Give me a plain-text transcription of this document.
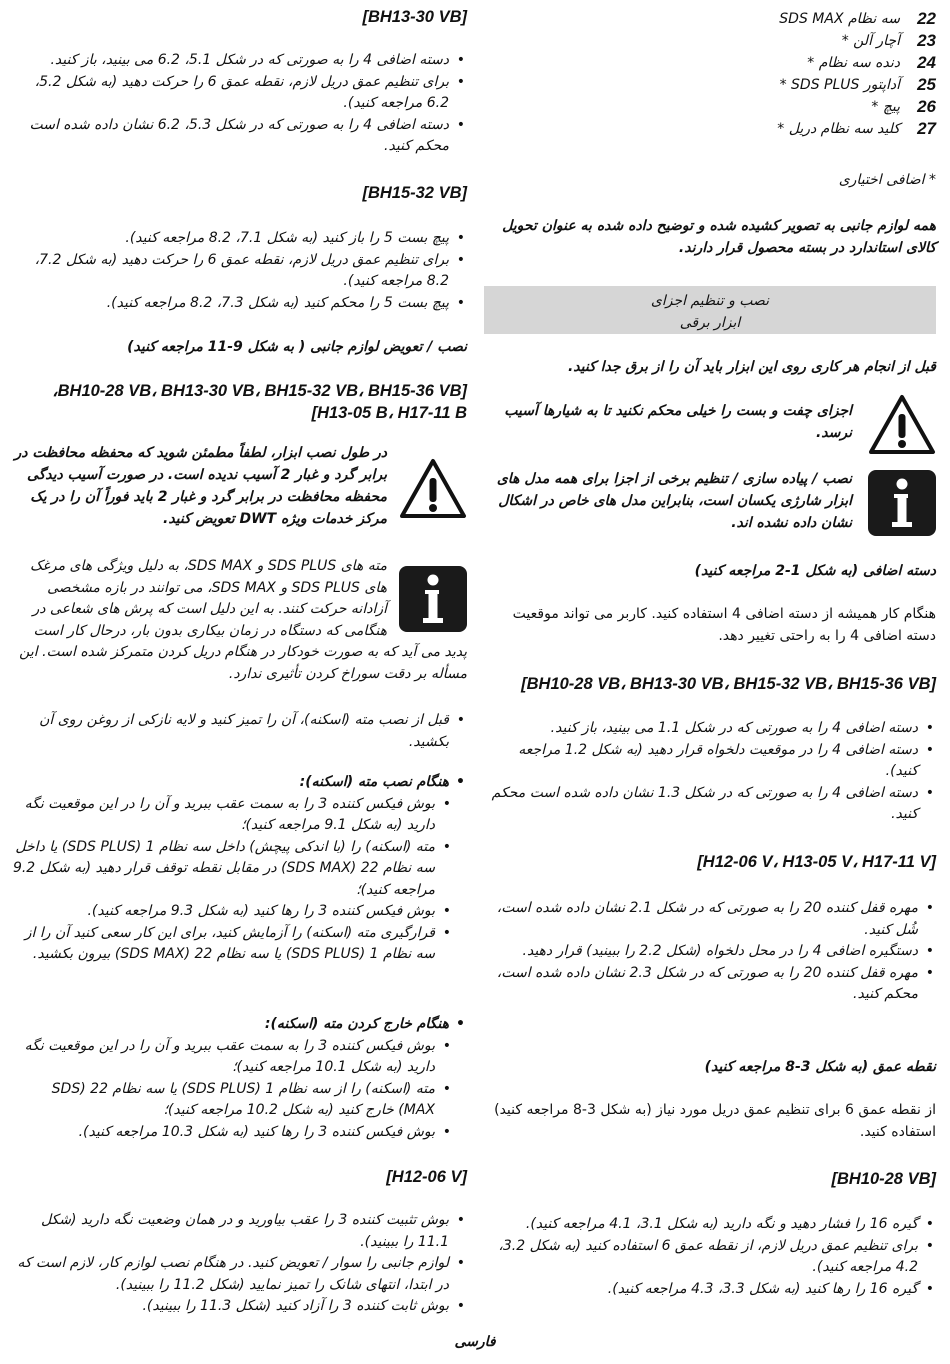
22
سه نظام SDS MAX
23
آچار آلن *
24
دنده سه نظام *
25
آداپتور SDS PLUS *
26
پیچ *
27
کلید سه نظام دریل *
* اضافی اختیاری
همه لوازم جانبی به تصویر کشیده شده و توضیح داده شده به عنوان تحویل کالای استاندارد در بسته محصول قرار دارند.
نصب و تنظیم اجزای
ابزار برقی
قبل از انجام هر کاری روی این ابزار باید آن را از برق جدا کنید.
اجزای چفت و بست را خیلی محکم نکنید تا به شیارها آسیب نرسد.
نصب / پیاده سازی / تنظیم برخی از اجزا برای همه مدل های ابزار شارژی یکسان است، بنابراین مدل های خاص در اشکال نشان داده نشده اند.
دسته اضافی (به شکل 1-2 مراجعه کنید)
هنگام کار همیشه از دسته اضافی 4 استفاده کنید. کاربر می تواند موقعیت دسته اضافی 4 را به راحتی تغییر دهد.
[BH10-28 VB، BH13-30 VB، BH15-32 VB، BH15-36 VB]
• دسته اضافی 4 را به صورتی که در شکل 1.1 می بینید، باز کنید.
• دسته اضافی 4 را در موقعیت دلخواه قرار دهید (به شکل 1.2 مراجعه کنید).
• دسته اضافی 4 را به صورتی که در شکل 1.3 نشان داده شده است محکم کنید.
[H12-06 V، H13-05 V، H17-11 V]
• مهره قفل کننده 20 را به صورتی که در شکل 2.1 نشان داده شده است، شُل کنید.
• دستگیره اضافی 4 را در محل دلخواه (شکل 2.2 را ببینید) قرار دهید.
• مهره قفل کننده 20 را به صورتی که در شکل 2.3 نشان داده شده است، محکم کنید.
نقطه عمق (به شکل 3-8 مراجعه کنید)
از نقطه عمق 6 برای تنظیم عمق دریل مورد نیاز (به شکل 3-8 مراجعه کنید) استفاده کنید.
[BH10-28 VB]
• گیره 16 را فشار دهید و نگه دارید (به شکل 3.1، 4.1 مراجعه کنید).
• برای تنظیم عمق دریل لازم، از نقطه عمق 6 استفاده کنید (به شکل 3.2، 4.2 مراجعه کنید).
• گیره 16 را رها کنید (به شکل 3.3، 4.3 مراجعه کنید).
[BH13-30 VB]
• دسته اضافی 4 را به صورتی که در شکل 5.1، 6.2 می بینید، باز کنید.
• برای تنظیم عمق دریل لازم، نقطه عمق 6 را حرکت دهید (به شکل 5.2، 6.2 مراجعه کنید).
• دسته اضافی 4 را به صورتی که در شکل 5.3، 6.2 نشان داده شده است محکم کنید.
[BH15-32 VB]
• پیچ بست 5 را باز کنید (به شکل 7.1، 8.2 مراجعه کنید).
• برای تنظیم عمق دریل لازم، نقطه عمق 6 را حرکت دهید (به شکل 7.2، 8.2 مراجعه کنید).
• پیچ بست 5 را محکم کنید (به شکل 7.3، 8.2 مراجعه کنید).
نصب / تعویض لوازم جانبی ( به شکل 9-11 مراجعه کنید)
[BH10-28 VB، BH13-30 VB، BH15-32 VB، BH15-36 VB،
H13-05 B، H17-11 B]
در طول نصب ابزار، لطفاً مطمئن شوید که محفظه محافظت در برابر گرد و غبار 2 آسیب ندیده است. در صورت آسیب دیدگی محفظه محافظت در برابر گرد و غبار 2 باید فوراً آن را در یک مرکز خدمات ویژه DWT تعویض کنید.
مته های SDS PLUS و SDS MAX، به دلیل ویژگی های مرغک های SDS PLUS و SDS MAX، می توانند در بازه مشخصی آزادانه حرکت کنند. به این دلیل است که پرش های شعاعی در هنگامی که دستگاه در زمان بیکاری بدون بار، درحال کار است پدید می آید که به صورت خودکار در هنگام دریل کردن متمرکز شده است. این مسأله بر دقت سوراخ کردن تأثیری ندارد.
• قبل از نصب مته (اسکنه)، آن را تمیز کنید و لایه نازکی از روغن روی آن بکشید.
• هنگام نصب مته (اسکنه):
• بوش فیکس کننده 3 را به سمت عقب ببرید و آن را در این موقعیت نگه دارید (به شکل 9.1 مراجعه کنید)؛
• مته (اسکنه) را (با اندکی پیچش) داخل سه نظام 1 (SDS PLUS) یا داخل سه نظام 22 (SDS MAX) در مقابل نقطه توقف قرار دهید (به شکل 9.2 مراجعه کنید)؛
• بوش فیکس کننده 3 را رها کنید (به شکل 9.3 مراجعه کنید).
• قرارگیری مته (اسکنه) را آزمایش کنید، برای این کار سعی کنید آن را از سه نظام 1 (SDS PLUS) یا سه نظام 22 (SDS MAX) بیرون بکشید.
• هنگام خارج کردن مته (اسکنه):
• بوش فیکس کننده 3 را به سمت عقب ببرید و آن را در این موقعیت نگه دارید (به شکل 10.1 مراجعه کنید)؛
• مته (اسکنه) را از سه نظام 1 (SDS PLUS) یا سه نظام 22 (SDS MAX) خارج کنید (به شکل 10.2 مراجعه کنید)؛
• بوش فیکس کننده 3 را رها کنید (به شکل 10.3 مراجعه کنید).
[H12-06 V]
• بوش تثبیت کننده 3 را عقب بیاورید و در همان وضعیت نگه دارید (شکل 11.1 را ببینید).
• لوازم جانبی را سوار / تعویض کنید. در هنگام نصب لوازم کار، لازم است که در ابتدا، انتهای شانک را تمیز نمایید (شکل 11.2 را ببینید).
• بوش ثابت کننده 3 را آزاد کنید (شکل 11.3 را ببینید).
فارسی
